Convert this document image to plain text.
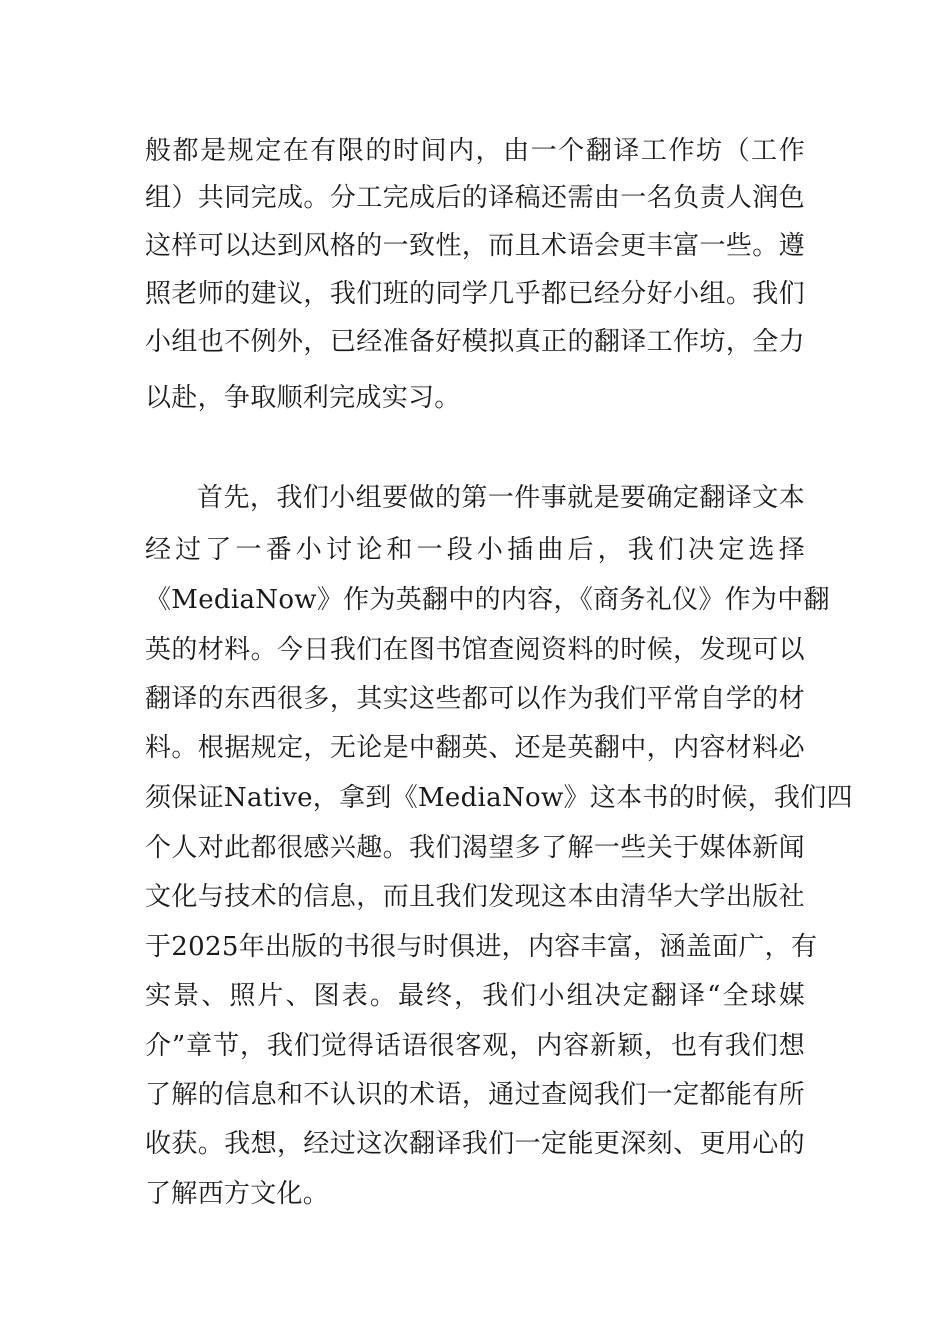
般都是规定在有限的时间内，由一个翻译工作坊（工作
组）共同完成。分工完成后的译稿还需由一名负责人润色
这样可以达到风格的一致性，而且术语会更丰富一些。遵
照老师的建议，我们班的同学几乎都已经分好小组。我们
小组也不例外，已经准备好模拟真正的翻译工作坊，全力
以赴，争取顺利完成实习。
首先，我们小组要做的第一件事就是要确定翻译文本
经过了一番小讨论和一段小插曲后，我们决定选择
《MediaNow》作为英翻中的内容，《商务礼仪》作为中翻
英的材料。今日我们在图书馆查阅资料的时候，发现可以
翻译的东西很多，其实这些都可以作为我们平常自学的材
料。根据规定，无论是中翻英、还是英翻中，内容材料必
须保证Native，拿到《MediaNow》这本书的时候，我们四
个人对此都很感兴趣。我们渴望多了解一些关于媒体新闻
文化与技术的信息，而且我们发现这本由清华大学出版社
于2025年出版的书很与时俱进，内容丰富，涵盖面广，有
实景、照片、图表。最终，我们小组决定翻译“全球媒
介”章节，我们觉得话语很客观，内容新颖，也有我们想
了解的信息和不认识的术语，通过查阅我们一定都能有所
收获。我想，经过这次翻译我们一定能更深刻、更用心的
了解西方文化。
